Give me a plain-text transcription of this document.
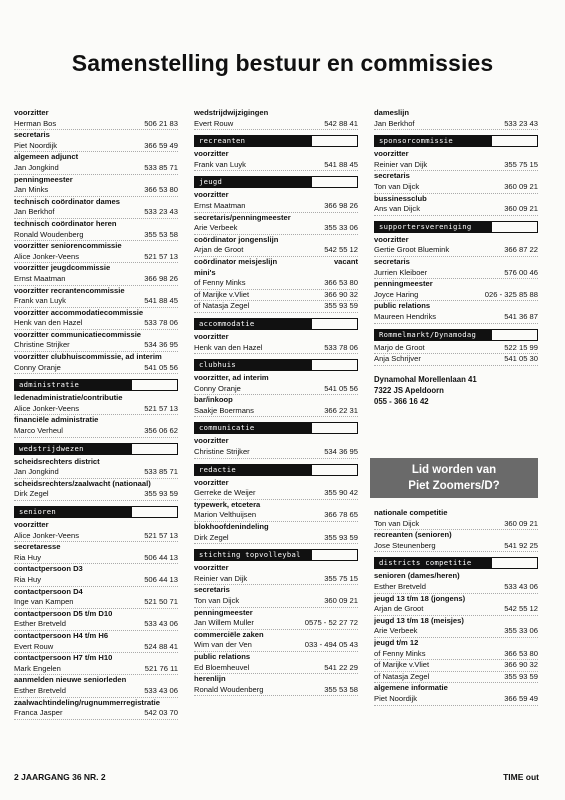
Samenstelling bestuur en commissies
voorzitter
Herman Bos	506 21 83
secretaris
Piet Noordijk	366 59 49
algemeen adjunct
Jan Jongkind	533 85 71
penningmeester
Jan Minks	366 53 80
technisch coördinator dames
Jan Berkhof	533 23 43
technisch coördinator heren
Ronald Woudenberg	355 53 58
voorzitter seniorencommissie
Alice Jonker-Veens	521 57 13
voorzitter jeugdcommissie
Ernst Maatman	366 98 26
voorzitter recrantencommissie
Frank van Luyk	541 88 45
voorzitter accommodatiecommissie
Henk van den Hazel	533 78 06
voorzitter communicatiecommissie
Christine Strijker	534 36 95
voorzitter clubhuiscommissie, ad interim
Conny Oranje	541 05 56
administratie
ledenadministratie/contributie
Alice Jonker-Veens	521 57 13
financiële administratie
Marco Verheul	356 06 62
wedstrijdwezen
scheidsrechters district
Jan Jongkind	533 85 71
scheidsrechters/zaalwacht (nationaal)
Dirk Zegel	355 93 59
senioren
voorzitter
Alice Jonker-Veens	521 57 13
secretaresse
Ria Huy	506 44 13
contactpersoon D3
Ria Huy	506 44 13
contactpersoon D4
Inge van Kampen	521 50 71
contactpersoon D5 t/m D10
Esther Bretveld	533 43 06
contactpersoon H4 t/m H6
Evert Rouw	524 88 41
contactpersoon H7 t/m H10
Mark Engelen	521 76 11
aanmelden nieuwe seniorleden
Esther Bretveld	533 43 06
zaalwachtindeling/rugnummerregistratie
Franca Jasper	542 03 70
wedstrijdwijzigingen
Evert Rouw	542 88 41
recreanten
voorzitter
Frank van Luyk	541 88 45
jeugd
voorzitter
Ernst Maatman	366 98 26
secretaris/penningmeester
Arie Verbeek	355 33 06
coördinator jongenslijn
Arjan de Groot	542 55 12
coördinator meisjeslijn	vacant
mini's
of Fenny Minks	366 53 80
of Marijke v.Vliet	366 90 32
of Natasja Zegel	355 93 59
accommodatie
voorzitter
Henk van den Hazel	533 78 06
clubhuis
voorzitter, ad interim
Conny Oranje	541 05 56
bar/inkoop
Saakje Boermans	366 22 31
communicatie
voorzitter
Christine Strijker	534 36 95
redactie
voorzitter
Gerreke de Weijer	355 90 42
typewerk, etcetera
Marion Velthuijsen	366 78 65
blokhoofdenindeling
Dirk Zegel	355 93 59
stichting topvolleybal
voorzitter
Reinier van Dijk	355 75 15
secretaris
Ton van Dijck	360 09 21
penningmeester
Jan Willem Muller	0575 - 52 27 72
commerciële zaken
Wim van der Ven	033 - 494 05 43
public relations
Ed Bloemheuvel	541 22 29
herenlijn
Ronald Woudenberg	355 53 58
dameslijn
Jan Berkhof	533 23 43
sponsorcommissie
voorzitter
Reinier van Dijk	355 75 15
secretaris
Ton van Dijck	360 09 21
bussinessclub
Ans van Dijck	360 09 21
supportersvereniging
voorzitter
Gertie Groot Bluemink	366 87 22
secretaris
Jurrien Kleiboer	576 00 46
penningmeester
Joyce Haring	026 - 325 85 88
public relations
Maureen Hendriks	541 36 87
Rommelmarkt/Dynamodag
Marjo de Groot	522 15 99
Anja Schrijver	541 05 30
Dynamohal Morellenlaan 41
7322 JS Apeldoorn
055 - 366 16 42
Lid worden van
Piet Zoomers/D?
nationale competitie
Ton van Dijck	360 09 21
recreanten (senioren)
Jose Steunenberg	541 92 25
districts competitie
senioren (dames/heren)
Esther Bretveld	533 43 06
jeugd 13 t/m 18 (jongens)
Arjan de Groot	542 55 12
jeugd 13 t/m 18 (meisjes)
Arie Verbeek	355 33 06
jeugd t/m 12
of Fenny Minks	366 53 80
of Marijke v.Vliet	366 90 32
of Natasja Zegel	355 93 59
algemene informatie
Piet Noordijk	366 59 49
2 JAARGANG 36 NR. 2	TIME out
